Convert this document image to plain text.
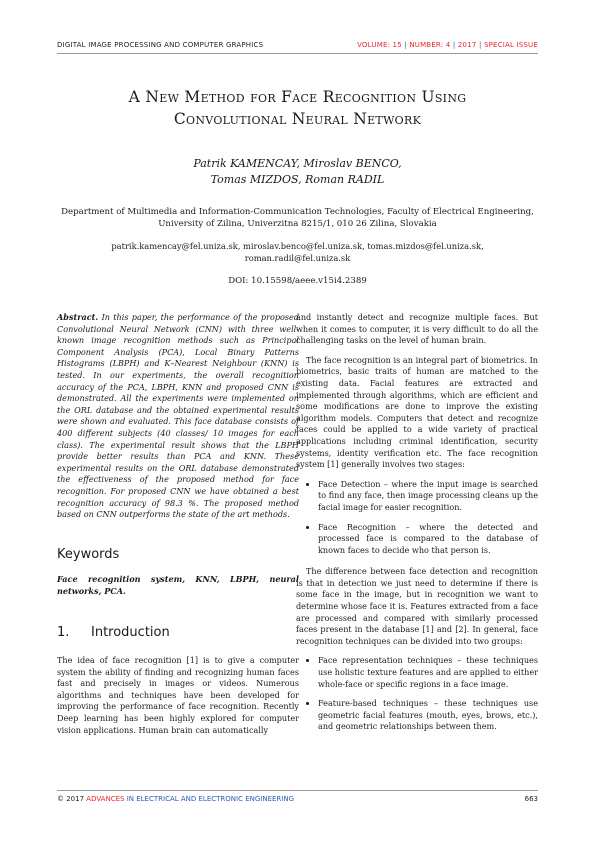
DIGITAL IMAGE PROCESSING AND COMPUTER GRAPHICS	VOLUME: 15 | NUMBER: 4 | 2017 | SPECIAL ISSUE
A New Method for Face Recognition Using
Convolutional Neural Network
Patrik KAMENCAY, Miroslav BENCO,
Tomas MIZDOS, Roman RADIL
Department of Multimedia and Information-Communication Technologies, Faculty of Electrical Engineering,
University of Zilina, Univerzitna 8215/1, 010 26 Zilina, Slovakia
patrik.kamencay@fel.uniza.sk, miroslav.benco@fel.uniza.sk, tomas.mizdos@fel.uniza.sk,
roman.radil@fel.uniza.sk
DOI: 10.15598/aeee.v15i4.2389

Abstract. In this paper, the performance of the proposed Convolutional Neural Network (CNN) with three well-known image recognition methods such as Principal Component Analysis (PCA), Local Binary Patterns Histograms (LBPH) and K–Nearest Neighbour (KNN) is tested. In our experiments, the overall recognition accuracy of the PCA, LBPH, KNN and proposed CNN is demonstrated. All the experiments were implemented on the ORL database and the obtained experimental results were shown and evaluated. This face database consists of 400 different subjects (40 classes/ 10 images for each class). The experimental result shows that the LBPH provide better results than PCA and KNN. These experimental results on the ORL database demonstrated the effectiveness of the proposed method for face recognition. For proposed CNN we have obtained a best recognition accuracy of 98.3 %. The proposed method based on CNN outperforms the state of the art methods.

Keywords

Face recognition system, KNN, LBPH, neural networks, PCA.

1. Introduction

The idea of face recognition [1] is to give a computer system the ability of finding and recognizing human faces fast and precisely in images or videos. Numerous algorithms and techniques have been developed for improving the performance of face recognition. Recently Deep learning has been highly explored for computer vision applications. Human brain can automatically

and instantly detect and recognize multiple faces. But when it comes to computer, it is very difficult to do all the challenging tasks on the level of human brain.

The face recognition is an integral part of biometrics. In biometrics, basic traits of human are matched to the existing data. Facial features are extracted and implemented through algorithms, which are efficient and some modifications are done to improve the existing algorithm models. Computers that detect and recognize faces could be applied to a wide variety of practical applications including criminal identification, security systems, identity verification etc. The face recognition system [1] generally involves two stages:

• Face Detection – where the input image is searched to find any face, then image processing cleans up the facial image for easier recognition.
• Face Recognition – where the detected and processed face is compared to the database of known faces to decide who that person is.

The difference between face detection and recognition is that in detection we just need to determine if there is some face in the image, but in recognition we want to determine whose face it is. Features extracted from a face are processed and compared with similarly processed faces present in the database [1] and [2]. In general, face recognition techniques can be divided into two groups:

• Face representation techniques – these techniques use holistic texture features and are applied to either whole-face or specific regions in a face image.
• Feature-based techniques – these techniques use geometric facial features (mouth, eyes, brows, etc.), and geometric relationships between them.
© 2017 ADVANCES IN ELECTRICAL AND ELECTRONIC ENGINEERING	663
